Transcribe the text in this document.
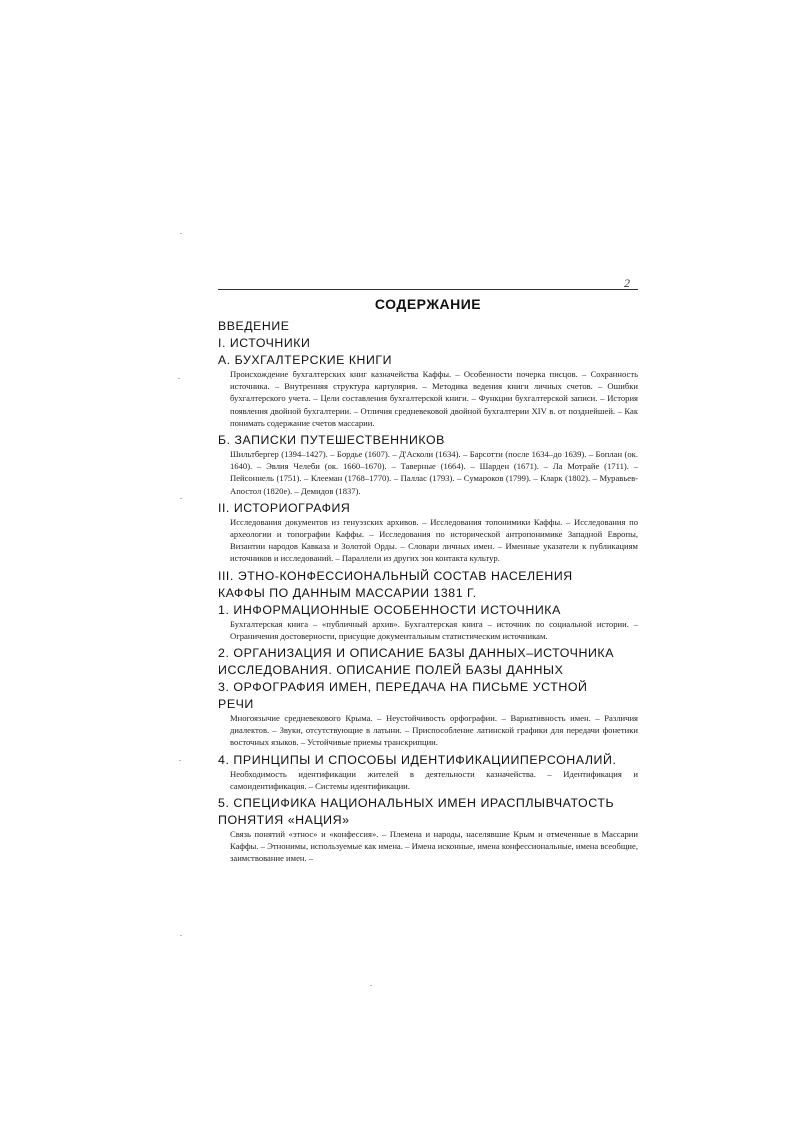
2
СОДЕРЖАНИЕ
ВВЕДЕНИЕ
I. ИСТОЧНИКИ
А. БУХГАЛТЕРСКИЕ КНИГИ

Происхождение бухгалтерских книг казначейства Каффы. – Особенности почерка писцов. – Сохранность источника. – Внутренняя структура картулярия. – Методика ведения книги личных счетов. – Ошибки бухгалтерского учета. – Цели составления бухгалтерской книги. – Функции бухгалтерской записи. – История появления двойной бухгалтерии. – Отличия средневековой двойной бухгалтерии XIV в. от позднейшей. – Как понимать содержание счетов массарии.

Б. ЗАПИСКИ ПУТЕШЕСТВЕННИКОВ

Шильтбергер (1394–1427). – Бордье (1607). – Д'Асколи (1634). – Барсотти (после 1634–до 1639). – Боплан (ок. 1640). – Эвлия Челеби (ок. 1660–1670). – Таверные (1664). – Шарден (1671). – Ла Мотрайе (1711). – Пейсоннель (1751). – Клееман (1768–1770). – Паллас (1793). – Сумароков (1799). – Кларк (1802). – Муравьев-Апостол (1820е). – Демидов (1837).

II. ИСТОРИОГРАФИЯ

Исследования документов из генуэзских архивов. – Исследования топонимики Каффы. – Исследования по археологии и топографии Каффы. – Исследования по исторической антропонимике Западной Европы, Византии народов Кавказа и Золотой Орды. – Словари личных имен. – Именные указатели к публикациям источников и исследований. – Параллели из других зон контакта культур.

III. ЭТНО-КОНФЕССИОНАЛЬНЫЙ СОСТАВ НАСЕЛЕНИЯ
КАФФЫ ПО ДАННЫМ МАССАРИИ 1381 Г.
1. ИНФОРМАЦИОННЫЕ ОСОБЕННОСТИ ИСТОЧНИКА

Бухгалтерская книга – «публичный архив». Бухгалтерская книга – источник по социальной истории. – Ограничения достоверности, присущие документальным статистическим источникам.

2. ОРГАНИЗАЦИЯ И ОПИСАНИЕ БАЗЫ ДАННЫХ–ИСТОЧНИКА
ИССЛЕДОВАНИЯ. ОПИСАНИЕ ПОЛЕЙ БАЗЫ ДАННЫХ
3. ОРФОГРАФИЯ ИМЕН, ПЕРЕДАЧА НА ПИСЬМЕ УСТНОЙ
РЕЧИ

Многоязычие средневекового Крыма. – Неустойчивость орфографии. – Вариативность имен. – Различия диалектов. – Звуки, отсутствующие в латыни. – Приспособление латинской графики для передачи фонетики восточных языков. – Устойчивые приемы транскрипции.

4. ПРИНЦИПЫ И СПОСОБЫ ИДЕНТИФИКАЦИИПЕРСОНАЛИЙ.

Необходимость идентификации жителей в деятельности казначейства. – Идентификация и самоидентификация. – Системы идентификации.

5. СПЕЦИФИКА НАЦИОНАЛЬНЫХ ИМЕН ИРАСПЛЫВЧАТОСТЬ
ПОНЯТИЯ «НАЦИЯ»

Связь понятий «этнос» и «конфессия». – Племена и народы, населявшие Крым и отмеченные в Массарии Каффы. – Этнонимы, используемые как имена. – Имена исконные, имена конфессиональные, имена всеобщие, заимствование имен. –
